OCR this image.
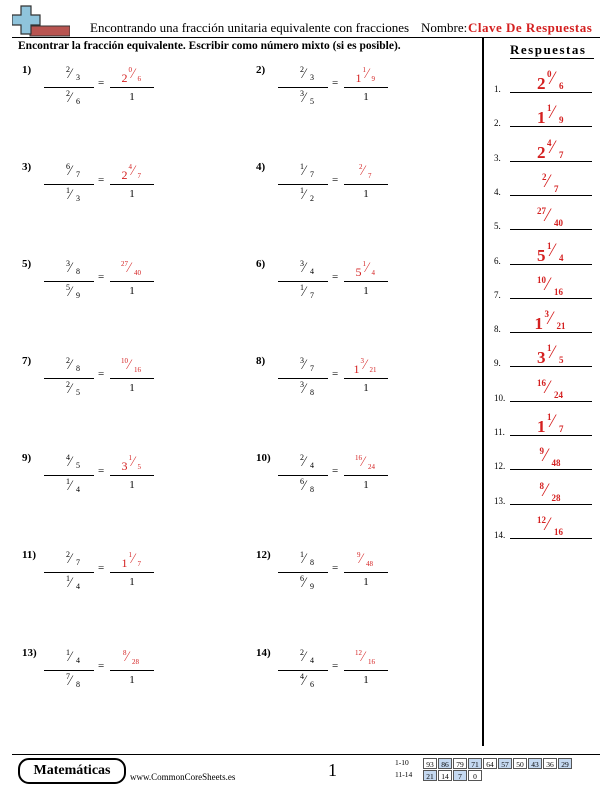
Encontrando una fracción unitaria equivalente con fracciones Nombre: Clave De Respuestas
Encontrar la fracción equivalente. Escribir como número mixto (si es posible).
1)	2 ⁄ 3
2 ⁄ 6
= 2
0 ⁄ 6
1
2)	2 ⁄ 3
3 ⁄ 5
= 1
1 ⁄ 9
1
3)	6 ⁄ 7
1 ⁄ 3
= 2
4 ⁄ 7
1
4)	1 ⁄ 7
1 ⁄ 2
=
2 ⁄ 7
1
5)	3 ⁄ 8
5 ⁄ 9
=
27 ⁄ 40
1
6)	3 ⁄ 4
1 ⁄ 7
= 5
1 ⁄ 4
1
7)	2 ⁄ 8
2 ⁄ 5
=
10 ⁄ 16
1
8)	3 ⁄ 7
3 ⁄ 8
= 1
3 ⁄ 21
1
9)	4 ⁄ 5
1 ⁄ 4
= 3
1 ⁄ 5
1
10)	2 ⁄ 4
6 ⁄ 8
=
16 ⁄ 24
1
11)	2 ⁄ 7
1 ⁄ 4
= 1
1 ⁄ 7
1
12)	1 ⁄ 8
6 ⁄ 9
=
9 ⁄ 48
1
13)	1 ⁄ 4
7 ⁄ 8
=
8 ⁄ 28
1
14)	2 ⁄ 4
4 ⁄ 6
=
12 ⁄ 16
1
Respuestas
1. 2 0 ⁄ 6
2. 1 1 ⁄ 9
3. 2 4 ⁄ 7
4.
2 ⁄ 7
5.
27 ⁄ 40
6. 5 1 ⁄ 4
7.
10 ⁄ 16
8. 1 3 ⁄ 21
9. 3 1 ⁄ 5
10.
16 ⁄ 24
11. 1 1 ⁄ 7
12.
9 ⁄ 48
13.
8 ⁄ 28
14.
12 ⁄ 16
Matemáticas	www.CommonCoreSheets.es	1	1-10	93	86	79	71	64	57	50	43	36	29
11-14	21	14	7	0
